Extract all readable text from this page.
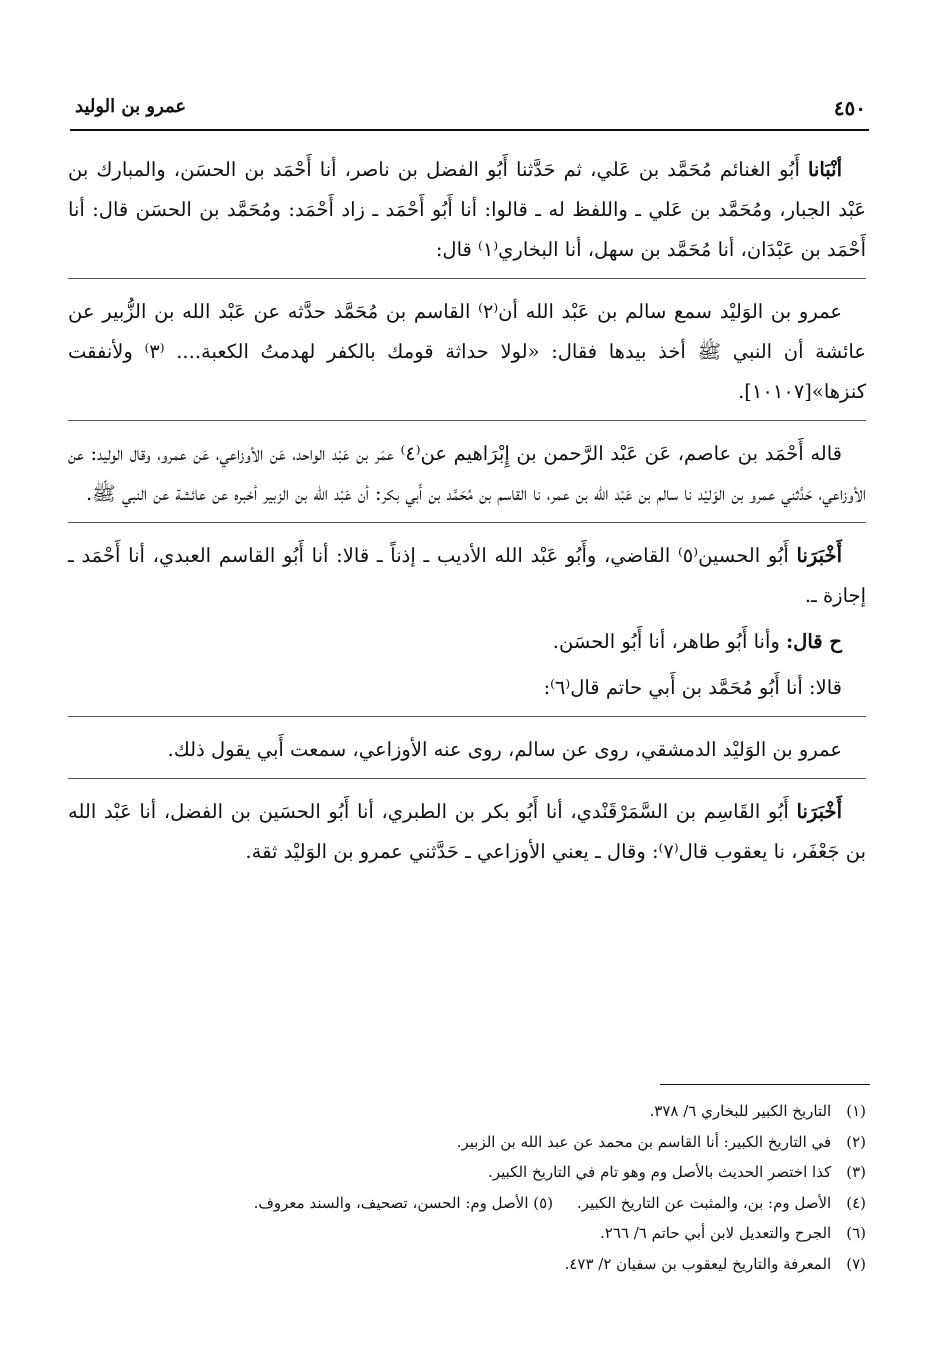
٤٥٠
عمرو بن الوليد

أنْبَانا أَبُو الغنائم مُحَمَّد بن عَلي، ثم حَدَّثنا أَبُو الفضل بن ناصر، أنا أَحْمَد بن الحسَن، والمبارك بن عَبْد الجبار، ومُحَمَّد بن عَلي ـ واللفظ له ـ قالوا: أنا أَبُو أَحْمَد ـ زاد أَحْمَد: ومُحَمَّد بن الحسَن قال: أنا أَحْمَد بن عَبْدَان، أنا مُحَمَّد بن سهل، أنا البخاري⁽١⁾ قال:

عمرو بن الوَليْد سمع سالم بن عَبْد الله أن⁽٢⁾ القاسم بن مُحَمَّد حدَّثه عن عَبْد الله بن الزُّبير عن عائشة أن النبي ﷺ أخذ بيدها فقال: «لولا حداثة قومك بالكفر لهدمتُ الكعبة.... ⁽٣⁾ ولأنفقت كنزها»[١٠١٠٧].

قاله أَحْمَد بن عاصم، عَن عَبْد الرَّحمن بن إِبْرَاهيم عن⁽٤⁾ عمَر بن عَبْد الواحد، عَن الأوزاعي، عَن عمرو، وقال الوليد: عن الأوزاعي، حَدَّثني عمرو بن الوَليْد نا سالم بن عَبْد الله بن عمر، نا القاسم بن مُحَمَّد بن أَبي بكر: أن عَبْد الله بن الزبير أخبره عن عائشة عن النبي ﷺ.

أَخْبَرَنا أَبُو الحسين⁽٥⁾ القاضي، وأَبُو عَبْد الله الأديب ـ إذناً ـ قالا: أنا أَبُو القاسم العبدي، أنا أَحْمَد ـ إجازة ـ.

ح قال: وأنا أَبُو طاهر، أنا أَبُو الحسَن.

قالا: أنا أَبُو مُحَمَّد بن أَبي حاتم قال⁽٦⁾:

عمرو بن الوَليْد الدمشقي، روى عن سالم، روى عنه الأوزاعي، سمعت أَبي يقول ذلك.

أَخْبَرَنا أَبُو القَاسِم بن السَّمَرْقَنْدي، أنا أَبُو بكر بن الطبري، أنا أَبُو الحسَين بن الفضل، أنا عَبْد الله بن جَعْفَر، نا يعقوب قال⁽٧⁾: وقال ـ يعني الأوزاعي ـ حَدَّثني عمرو بن الوَليْد ثقة.

(١) التاريخ الكبير للبخاري ٦/ ٣٧٨.
(٢) في التاريخ الكبير: أنا القاسم بن محمد عن عبد الله بن الزبير.
(٣) كذا اختصر الحديث بالأصل وم وهو تام في التاريخ الكبير.
(٤) الأصل وم: بن، والمثبت عن التاريخ الكبير.     (٥) الأصل وم: الحسن، تصحيف، والسند معروف.
(٦) الجرح والتعديل لابن أبي حاتم ٦/ ٢٦٦.
(٧) المعرفة والتاريخ ليعقوب بن سفيان ٢/ ٤٧٣.
